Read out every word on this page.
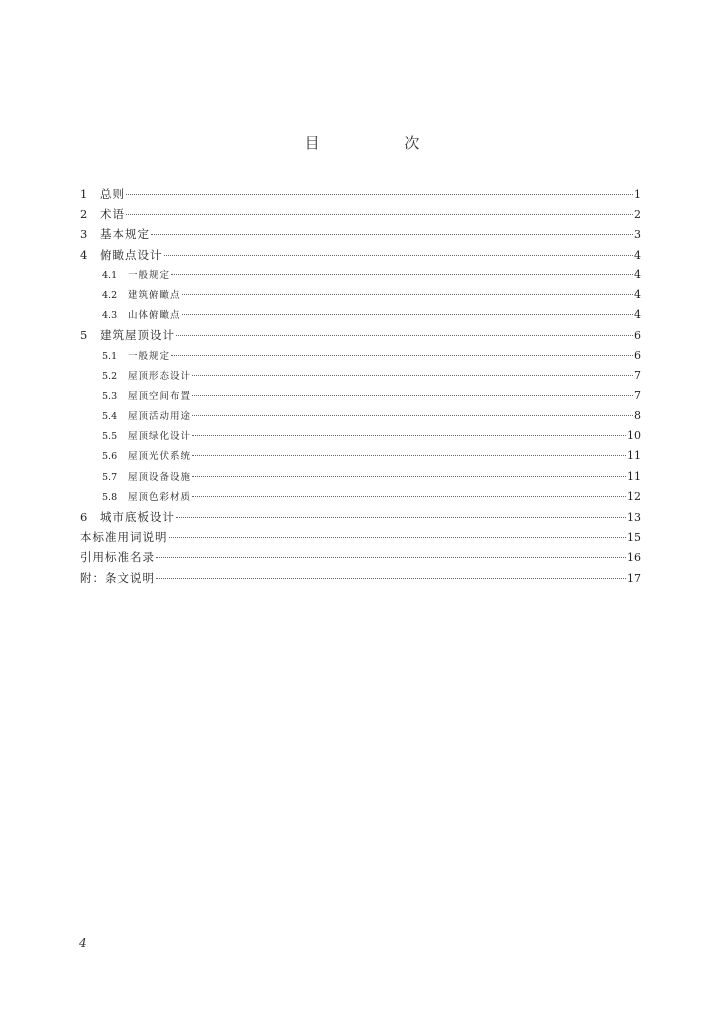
目 次
1	总则	1
2	术语	2
3	基本规定	3
4	俯瞰点设计	4
4.1	一般规定	4
4.2	建筑俯瞰点	4
4.3	山体俯瞰点	4
5	建筑屋顶设计	6
5.1	一般规定	6
5.2	屋顶形态设计	7
5.3	屋顶空间布置	7
5.4	屋顶活动用途	8
5.5	屋顶绿化设计	10
5.6	屋顶光伏系统	11
5.7	屋顶设备设施	11
5.8	屋顶色彩材质	12
6	城市底板设计	13
本标准用词说明	15
引用标准名录	16
附：条文说明	17
4
